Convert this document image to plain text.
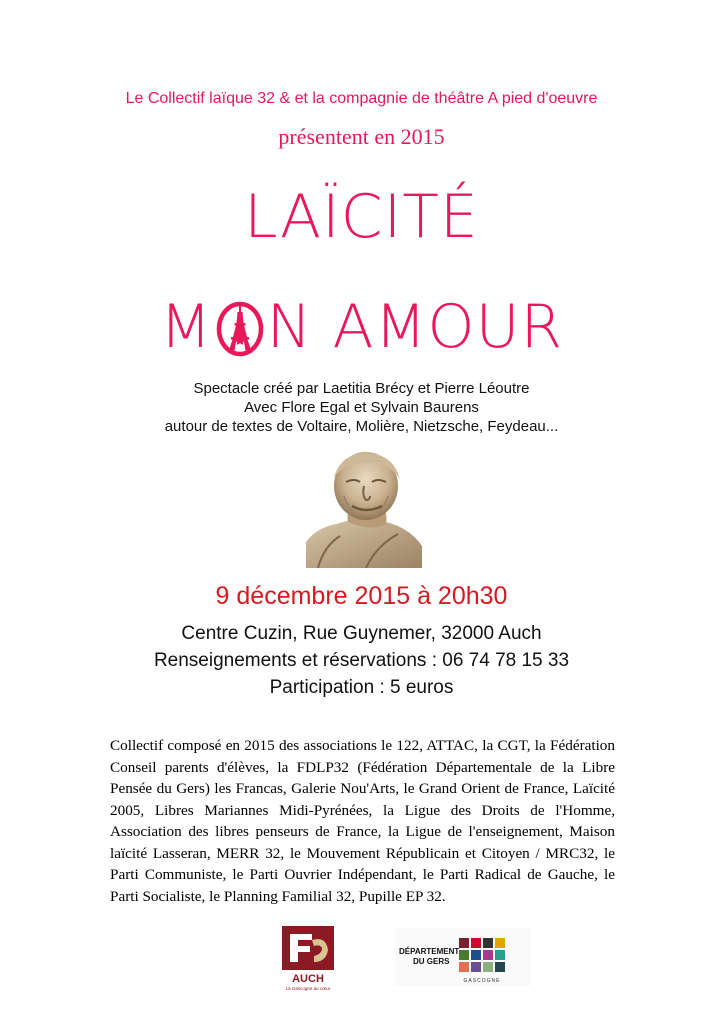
Le Collectif laïque 32 & et la compagnie de théâtre A pied d'oeuvre
présentent en 2015
LAÏCITÉ
M N AMOUR
Spectacle créé par Laetitia Brécy et Pierre Léoutre
Avec Flore Egal et Sylvain Baurens
autour de textes de Voltaire, Molière, Nietzsche, Feydeau...
9 décembre 2015 à 20h30
Centre Cuzin, Rue Guynemer, 32000 Auch
Renseignements et réservations : 06 74 78 15 33
Participation : 5 euros
Collectif composé en 2015 des associations le 122, ATTAC, la CGT, la Fédération Conseil parents d'élèves, la FDLP32 (Fédération Départementale de la Libre Pensée du Gers) les Francas, Galerie Nou'Arts, le Grand Orient de France, Laïcité 2005, Libres Mariannes Midi-Pyrénées, la Ligue des Droits de l'Homme, Association des libres penseurs de France, la Ligue de l'enseignement, Maison laïcité Lasseran, MERR 32, le Mouvement Républicain et Citoyen / MRC32, le Parti Communiste, le Parti Ouvrier Indépendant, le Parti Radical de Gauche, le Parti Socialiste, le Planning Familial 32, Pupille EP 32.
AUCH
La Gascogne au cœur
DÉPARTEMENT
DU GERS
GASCOGNE
